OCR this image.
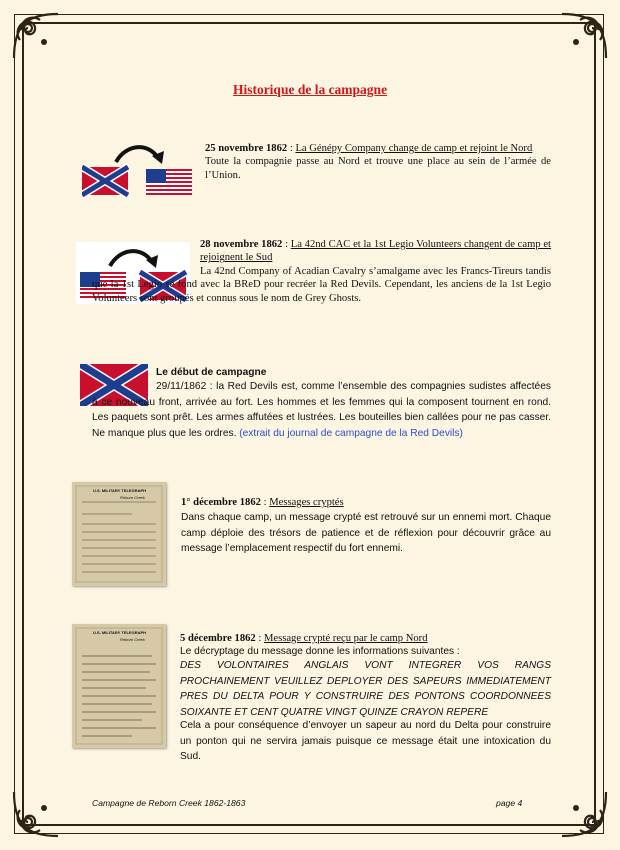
Historique de la campagne

25 novembre 1862 : La Génépy Company change de camp et rejoint le Nord

Toute la compagnie passe au Nord et trouve une place au sein de l’armée de l’Union.

28 novembre 1862 : La 42nd CAC et la 1st Legio Volunteers changent de camp et rejoignent le Sud

La 42nd Company of Acadian Cavalry s’amalgame avec les Francs-Tireurs tandis que la 1st Legio se fond avec la BReD pour recréer la Red Devils. Cependant, les anciens de la 1st Legio Volunteers sont groupés et connus sous le nom de Grey Ghosts.
Le début de campagne
29/11/1862 : la Red Devils est, comme l’ensemble des compagnies sudistes affectées à ce nouveau front, arrivée au fort. Les hommes et les femmes qui la composent tournent en rond. Les paquets sont prêt. Les armes affutées et lustrées. Les bouteilles bien callées pour ne pas casser. Ne manque plus que les ordres. (extrait du journal de campagne de la Red Devils)
U.S. MILITARY TELEGRAPH
Reborn Creek	1° décembre 1862 : Messages cryptés

Dans chaque camp, un message crypté est retrouvé sur un ennemi mort. Chaque camp déploie des trésors de patience et de réflexion pour découvrir grâce au message l’emplacement respectif du fort ennemi.
U.S. MILITARY TELEGRAPH
Reborn Creek	5 décembre 1862 : Message crypté reçu par le camp Nord

Le décryptage du message donne les informations suivantes :
DES VOLONTAIRES ANGLAIS VONT INTEGRER VOS RANGS PROCHAINEMENT VEUILLEZ DEPLOYER DES SAPEURS IMMEDIATEMENT PRES DU DELTA POUR Y CONSTRUIRE DES PONTONS COORDONNEES SOIXANTE ET CENT QUATRE VINGT QUINZE CRAYON REPERE
Cela a pour conséquence d’envoyer un sapeur au nord du Delta pour construire un ponton qui ne servira jamais puisque ce message était une intoxication du Sud.
Campagne de Reborn Creek 1862-1863	page 4
